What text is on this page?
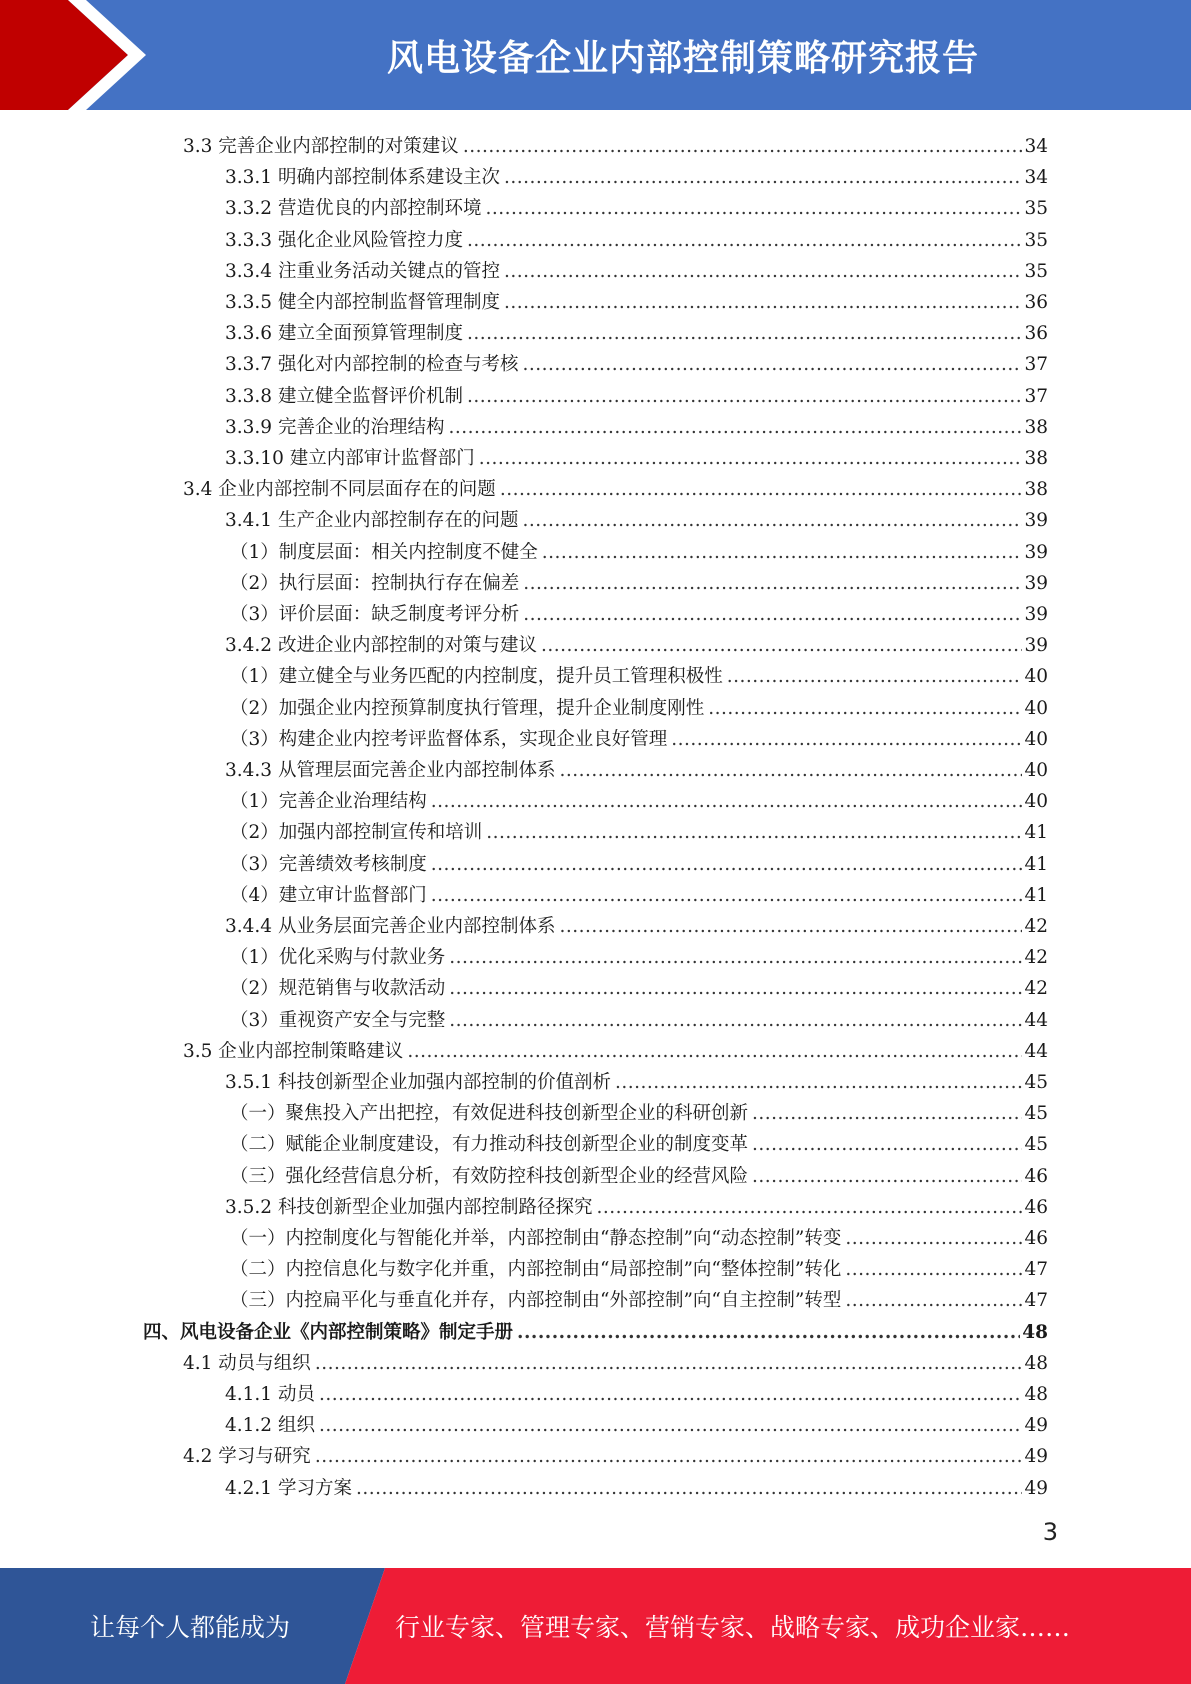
风电设备企业内部控制策略研究报告
3.3 完善企业内部控制的对策建议 .....	34
3.3.1 明确内部控制体系建设主次 .....	34
3.3.2 营造优良的内部控制环境 .....	35
3.3.3 强化企业风险管控力度 .....	35
3.3.4 注重业务活动关键点的管控 .....	35
3.3.5 健全内部控制监督管理制度 .....	36
3.3.6 建立全面预算管理制度 .....	36
3.3.7 强化对内部控制的检查与考核 .....	37
3.3.8 建立健全监督评价机制 .....	37
3.3.9 完善企业的治理结构 .....	38
3.3.10 建立内部审计监督部门 .....	38
3.4 企业内部控制不同层面存在的问题 .....	38
3.4.1 生产企业内部控制存在的问题 .....	39
（1）制度层面：相关内控制度不健全 .....	39
（2）执行层面：控制执行存在偏差 .....	39
（3）评价层面：缺乏制度考评分析 .....	39
3.4.2 改进企业内部控制的对策与建议 .....	39
（1）建立健全与业务匹配的内控制度，提升员工管理积极性 .....	40
（2）加强企业内控预算制度执行管理，提升企业制度刚性 .....	40
（3）构建企业内控考评监督体系，实现企业良好管理 .....	40
3.4.3 从管理层面完善企业内部控制体系 .....	40
（1）完善企业治理结构 .....	40
（2）加强内部控制宣传和培训 .....	41
（3）完善绩效考核制度 .....	41
（4）建立审计监督部门 .....	41
3.4.4 从业务层面完善企业内部控制体系 .....	42
（1）优化采购与付款业务 .....	42
（2）规范销售与收款活动 .....	42
（3）重视资产安全与完整 .....	44
3.5 企业内部控制策略建议 .....	44
3.5.1 科技创新型企业加强内部控制的价值剖析 .....	45
（一）聚焦投入产出把控，有效促进科技创新型企业的科研创新 .....	45
（二）赋能企业制度建设，有力推动科技创新型企业的制度变革 .....	45
（三）强化经营信息分析，有效防控科技创新型企业的经营风险 .....	46
3.5.2 科技创新型企业加强内部控制路径探究 .....	46
（一）内控制度化与智能化并举，内部控制由“静态控制”向“动态控制”转变 .....	46
（二）内控信息化与数字化并重，内部控制由“局部控制”向“整体控制”转化 .....	47
（三）内控扁平化与垂直化并存，内部控制由“外部控制”向“自主控制”转型 .....	47
四、风电设备企业《内部控制策略》制定手册 .....	48
4.1 动员与组织 .....	48
4.1.1 动员 .....	48
4.1.2 组织 .....	49
4.2 学习与研究 .....	49
4.2.1 学习方案 .....	49
3
让每个人都能成为	行业专家、管理专家、营销专家、战略专家、成功企业家……
